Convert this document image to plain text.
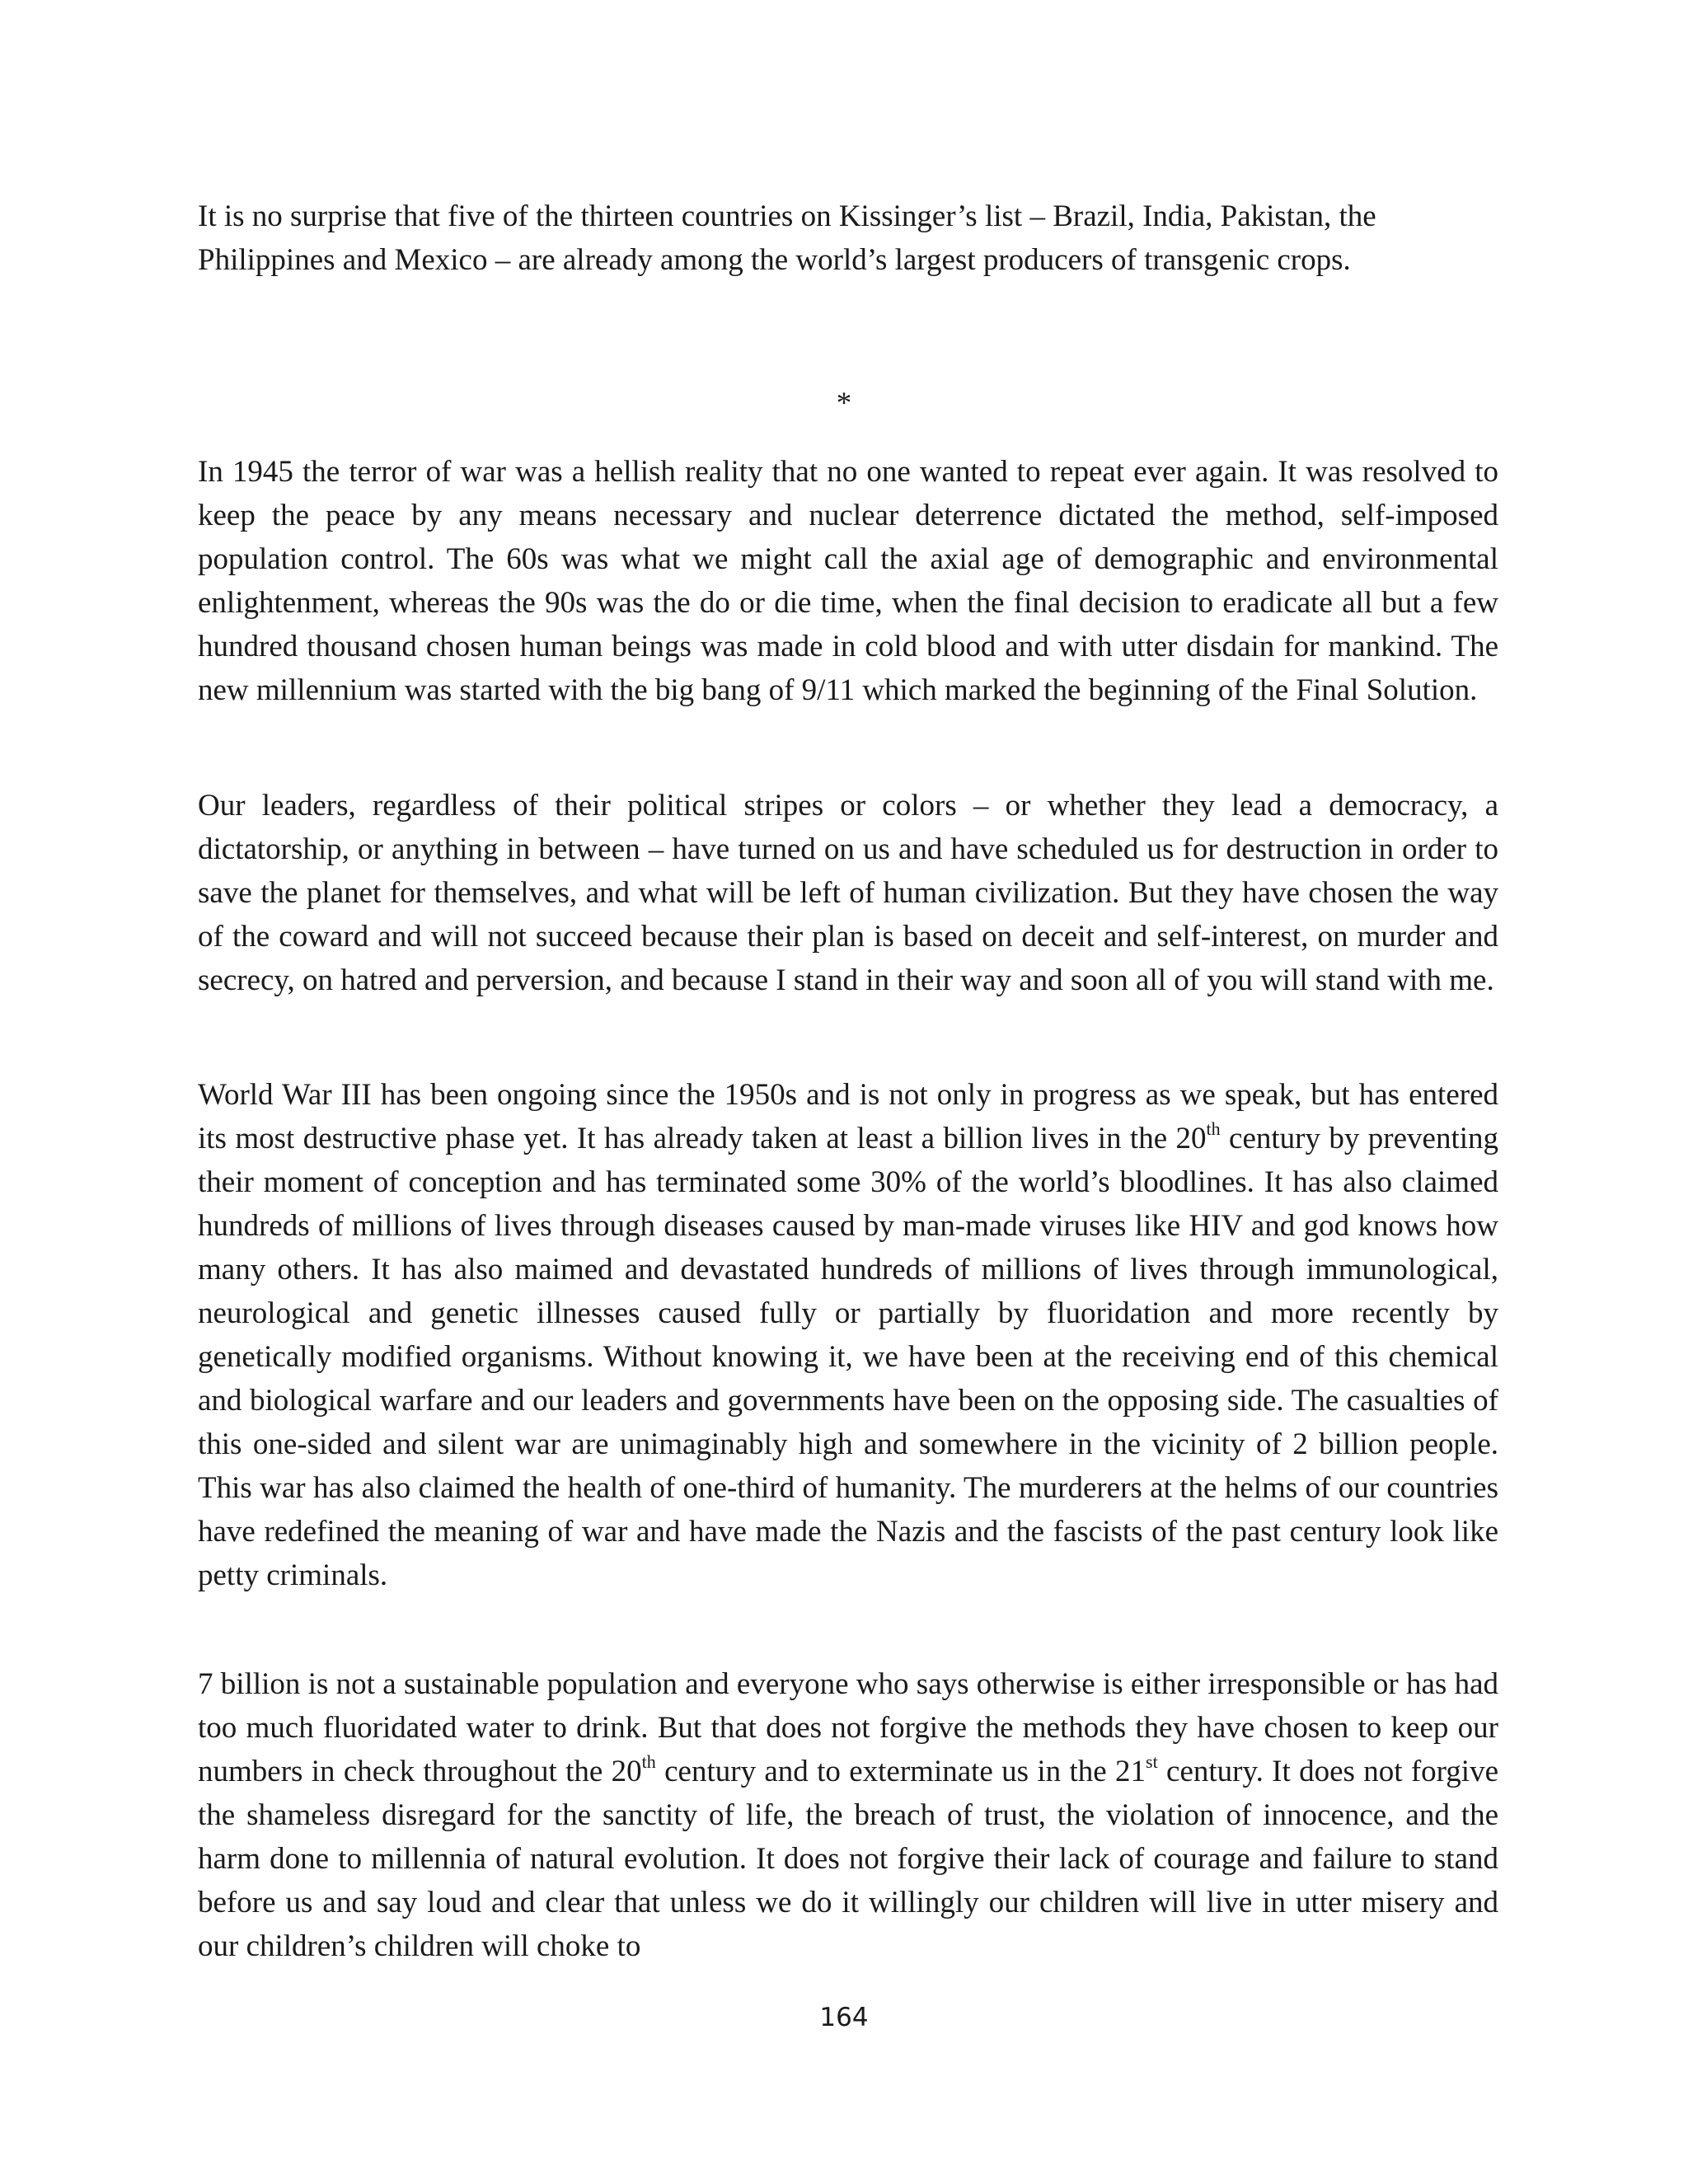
It is no surprise that five of the thirteen countries on Kissinger’s list – Brazil, India, Pakistan, the Philippines and Mexico – are already among the world’s largest producers of transgenic crops.

*

In 1945 the terror of war was a hellish reality that no one wanted to repeat ever again. It was resolved to keep the peace by any means necessary and nuclear deterrence dictated the method, self-imposed population control. The 60s was what we might call the axial age of demographic and environmental enlightenment, whereas the 90s was the do or die time, when the final decision to eradicate all but a few hundred thousand chosen human beings was made in cold blood and with utter disdain for mankind. The new millennium was started with the big bang of 9/11 which marked the beginning of the Final Solution.

Our leaders, regardless of their political stripes or colors – or whether they lead a democracy, a dictatorship, or anything in between – have turned on us and have scheduled us for destruction in order to save the planet for themselves, and what will be left of human civilization. But they have chosen the way of the coward and will not succeed because their plan is based on deceit and self-interest, on murder and secrecy, on hatred and perversion, and because I stand in their way and soon all of you will stand with me.

World War III has been ongoing since the 1950s and is not only in progress as we speak, but has entered its most destructive phase yet. It has already taken at least a billion lives in the 20th century by preventing their moment of conception and has terminated some 30% of the world’s bloodlines. It has also claimed hundreds of millions of lives through diseases caused by man-made viruses like HIV and god knows how many others. It has also maimed and devastated hundreds of millions of lives through immunological, neurological and genetic illnesses caused fully or partially by fluoridation and more recently by genetically modified organisms. Without knowing it, we have been at the receiving end of this chemical and biological warfare and our leaders and governments have been on the opposing side. The casualties of this one-sided and silent war are unimaginably high and somewhere in the vicinity of 2 billion people. This war has also claimed the health of one-third of humanity. The murderers at the helms of our countries have redefined the meaning of war and have made the Nazis and the fascists of the past century look like petty criminals.

7 billion is not a sustainable population and everyone who says otherwise is either irresponsible or has had too much fluoridated water to drink. But that does not forgive the methods they have chosen to keep our numbers in check throughout the 20th century and to exterminate us in the 21st century. It does not forgive the shameless disregard for the sanctity of life, the breach of trust, the violation of innocence, and the harm done to millennia of natural evolution. It does not forgive their lack of courage and failure to stand before us and say loud and clear that unless we do it willingly our children will live in utter misery and our children’s children will choke to

164
